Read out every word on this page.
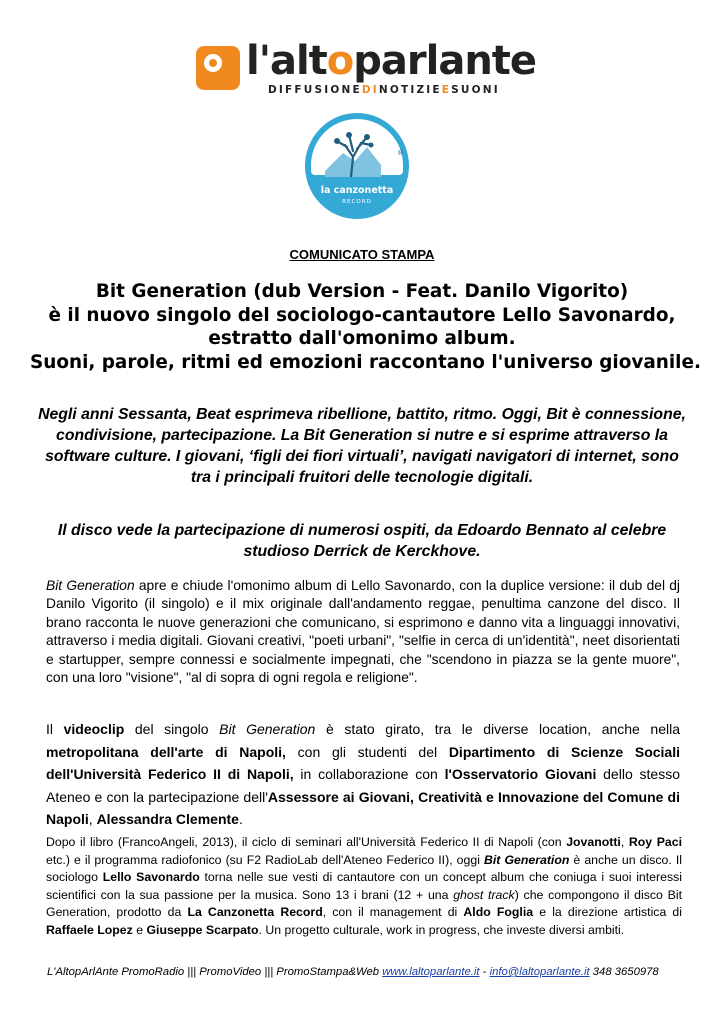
l'altoparlante
DIFFUSIONEDINOTIZIEESUONI
la canzonetta
RECORD
®
COMUNICATO STAMPA
Bit Generation (dub Version - Feat. Danilo Vigorito)
è il nuovo singolo del sociologo-cantautore Lello Savonardo,
estratto dall'omonimo album.
Suoni, parole, ritmi ed emozioni raccontano l'universo giovanile.
Negli anni Sessanta, Beat esprimeva ribellione, battito, ritmo. Oggi, Bit è connessione, condivisione, partecipazione. La Bit Generation si nutre e si esprime attraverso la software culture. I giovani, ‘figli dei fiori virtuali’, navigati navigatori di internet, sono tra i principali fruitori delle tecnologie digitali.
Il disco vede la partecipazione di numerosi ospiti, da Edoardo Bennato al celebre studioso Derrick de Kerckhove.
Bit Generation apre e chiude l'omonimo album di Lello Savonardo, con la duplice versione: il dub del dj Danilo Vigorito (il singolo) e il mix originale dall'andamento reggae, penultima canzone del disco. Il brano racconta le nuove generazioni che comunicano, si esprimono e danno vita a linguaggi innovativi, attraverso i media digitali. Giovani creativi, "poeti urbani", "selfie in cerca di un'identità", neet disorientati e startupper, sempre connessi e socialmente impegnati, che "scendono in piazza se la gente muore", con una loro "visione", "al di sopra di ogni regola e religione".
Il videoclip del singolo Bit Generation è stato girato, tra le diverse location, anche nella metropolitana dell'arte di Napoli, con gli studenti del Dipartimento di Scienze Sociali dell'Università Federico II di Napoli, in collaborazione con l'Osservatorio Giovani dello stesso Ateneo e con la partecipazione dell'Assessore ai Giovani, Creatività e Innovazione del Comune di Napoli, Alessandra Clemente.
Dopo il libro (FrancoAngeli, 2013), il ciclo di seminari all'Università Federico II di Napoli (con Jovanotti, Roy Paci etc.) e il programma radiofonico (su F2 RadioLab dell'Ateneo Federico II), oggi Bit Generation è anche un disco. Il sociologo Lello Savonardo torna nelle sue vesti di cantautore con un concept album che coniuga i suoi interessi scientifici con la sua passione per la musica. Sono 13 i brani (12 + una ghost track) che compongono il disco Bit Generation, prodotto da La Canzonetta Record, con il management di Aldo Foglia e la direzione artistica di Raffaele Lopez e Giuseppe Scarpato. Un progetto culturale, work in progress, che investe diversi ambiti.
L'AltopArlAnte PromoRadio ||| PromoVideo ||| PromoStampa&Web www.laltoparlante.it - info@laltoparlante.it 348 3650978
